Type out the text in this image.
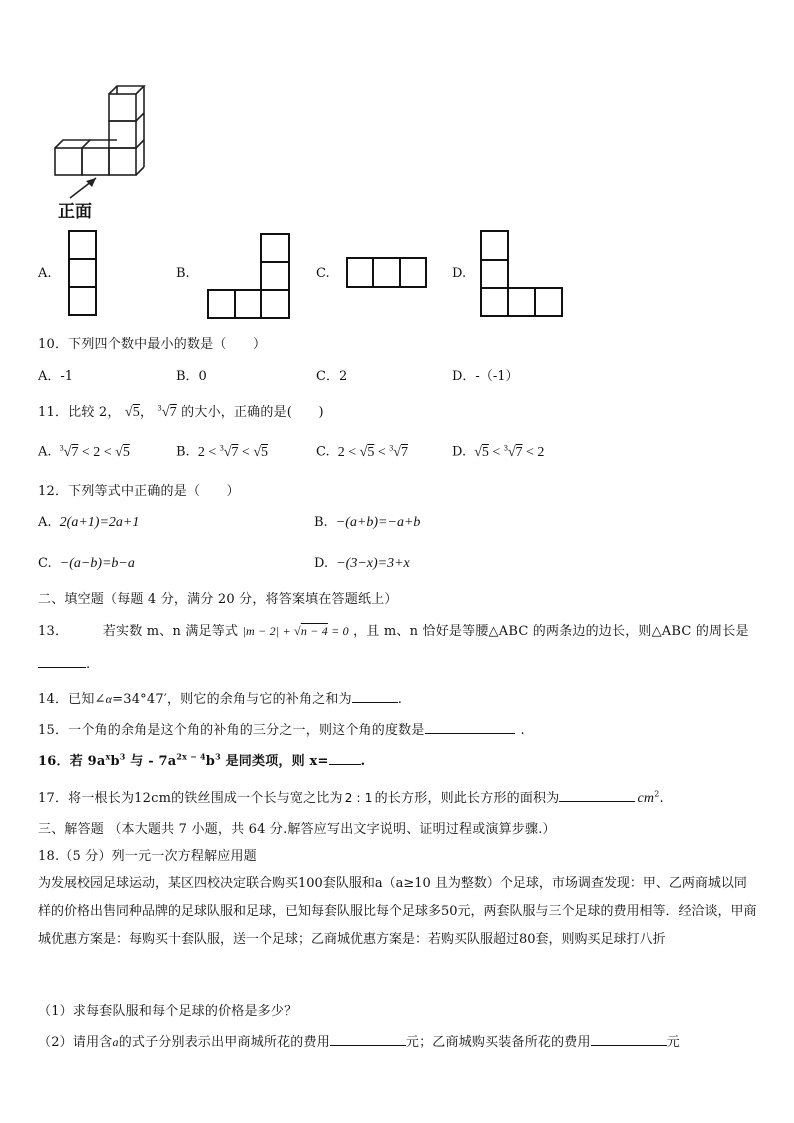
正面
A.	B.	C.	D.
10．下列四个数中最小的数是（　　）
A．-1	B．0	C．2	D．-（-1）
11．比较 2， √5， $^3$√7 的大小，正确的是(　　)
A. $^3$√7 < 2 < √5	B. 2 < $^3$√7 < √5	C. 2 < √5 < $^3$√7	D. √5 < $^3$√7 < 2
12．下列等式中正确的是（　　）
A. 2(a+1)=2a+1	B. −(a+b)=−a+b
C. −(a−b)=b−a	D. −(3−x)=3+x
二、填空题（每题 4 分，满分 20 分，将答案填在答题纸上）
13．	若实数 m、n 满足等式 |m − 2| + √n − 4 = 0 ，且 m、n 恰好是等腰△ABC 的两条边的边长，则△ABC 的周长是
.
14．已知∠α=34°47′，则它的余角与它的补角之和为	.
15．一个角的余角是这个角的补角的三分之一，则这个角的度数是	.
16．若 $9a^xb^3$ 与 - $7a^{2x - 4}b^3$ 是同类项，则 x= .
17．将一根长为12cm的铁丝围成一个长与宽之比为 2 : 1 的长方形，则此长方形的面积为	$cm^2$.
三、解答题 （本大题共 7 小题，共 64 分.解答应写出文字说明、证明过程或演算步骤.）
18.（5 分）列一元一次方程解应用题
为发展校园足球运动，某区四校决定联合购买100套队服和a（a≥10 且为整数）个足球，市场调查发现：甲、乙两商城以同样的价格出售同种品牌的足球队服和足球，已知每套队服比每个足球多50元，两套队服与三个足球的费用相等．经洽谈，甲商城优惠方案是：每购买十套队服，送一个足球；乙商城优惠方案是：若购买队服超过80套，则购买足球打八折
（1）求每套队服和每个足球的价格是多少？
（2）请用含a的式子分别表示出甲商城所花的费用	元；乙商城购买装备所花的费用	元
